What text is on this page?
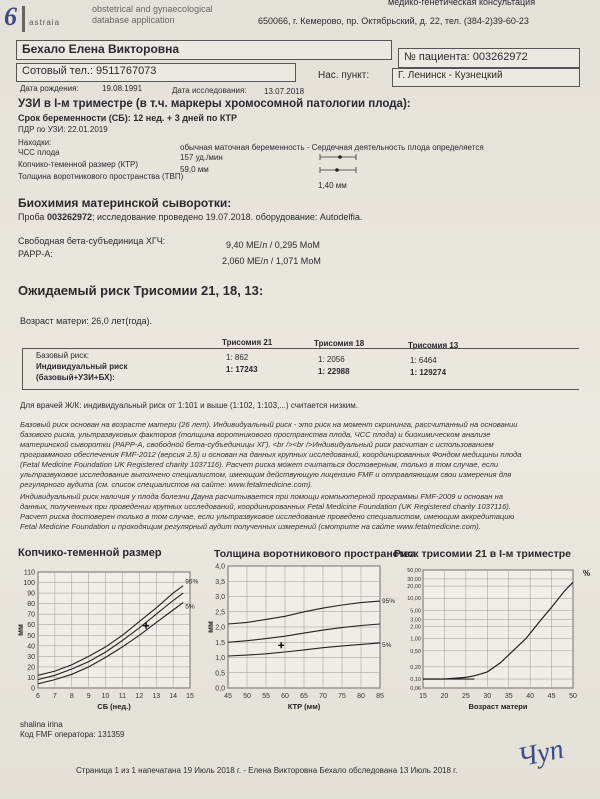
6 astraia
obstetrical and gynaecological
database application
медико-генетическая консультация
650066, г. Кемерово, пр. Октябрьский, д. 22, тел. (384-2)39-60-23
Бехало Елена Викторовна
№ пациента: 003262972
Сотовый тел.: 9511767073	Нас. пункт:	Г. Ленинск - Кузнецкий
Дата рождения:	19.08.1991	Дата исследования: 13.07.2018
УЗИ в I-м триместре (в т.ч. маркеры хромосомной патологии плода):
Срок беременности (СБ): 12 нед. + 3 дней по КТР
ПДР по УЗИ: 22.01.2019
Находки:
обычная маточная беременность - Сердечная деятельность плода определяется
ЧСС плода
157 уд./мин
Копчико-теменной размер (КТР)
59,0 мм
Толщина воротникового пространства (ТВП)
1,40 мм
Биохимия материнской сыворотки:
Проба 003262972; исследование проведено 19.07.2018. оборудование: Autodelfia.
Свободная бета-субъединица ХГЧ:	9,40 МЕ/л / 0,295 МоМ
PAPP-A:
2,060 МЕ/л / 1,071 МоМ
Ожидаемый риск Трисомии 21, 18, 13:
Возраст матери: 26,0 лет(года).
Трисомия 21	Трисомия 18	Трисомия 13
Базовый риск:	1: 862	1: 2056	1: 6464
Индивидуальный риск
(базовый+УЗИ+БХ):
1: 17243	1: 22988	1: 129274
Для врачей Ж/К: индивидуальный риск от 1:101 и выше (1:102, 1:103,...) считается низким.
Базовый риск основан на возрасте матери (26 лет). Индивидуальный риск - это риск на момент скрининга, рассчитанный на основании
базового риска, ультразвуковых факторов (толщина воротникового пространства плода, ЧСС плода) и биохимическом анализе
материнской сыворотки (PAPP-A, свободной бета-субъединицы ХГ). <br /><br />Индивидуальный риск расчитан с использованием
программного обеспечения FMF-2012 (версия 2.5) и основан на данных крупных исследований, координированных Фондом медицины плода
(Fetal Medicine Foundation UK Registered charity 1037116). Расчет риска может считаться достоверным, только в том случае, если
ультразвуковое исследование выполнено специалистом, имеющим действующую лицензию FMF и отправляющим свои измерения для
регулярного аудита (см. список специалистов на сайте: www.fetalmedicine.com).
Индивидуальный риск наличия у плода болезни Дауна расчитывается при помощи компьютерной программы FMF-2009 и основан на
данных, полученных при проведении крупных исследований, координированных Fetal Medicine Foundation (UK Registered charity 1037116).
Расчет риска достоверен только в том случае, если ультразвуковое исследование проведено специалистом, имеющим аккредитацию
Fetal Medicine Foundation и проходящим регулярный аудит полученных измерений (смотрите на сайте www.fetalmedicine.com).
Копчико-теменной размер	Толщина воротникового пространства
Риск трисомии 21 в I-м триместре
6 7 8 9 10 11 12 13 14 15
0
10
20
30
40
50
60
70
80
90
100
110
95%
5%
мм
СБ (нед.)
45 50 55 60 65 70 75 80 85
0,0
0,5
1,0
1,5
2,0
2,5
3,0
3,5
4,0
95%
5%
мм
КТР (мм)
15 20 25 30 35 40 45 50
0,06
0,10
0,20
0,50
1,00
2,00
3,00
5,00
10,00
20,00
30,00
50,00	%
Возраст матери
shalina irina
Код FMF оператора: 131359	Чуп
Страница 1 из 1 напечатана 19 Июль 2018 г. - Елена Викторовна Бехало обследована 13 Июль 2018 г.
